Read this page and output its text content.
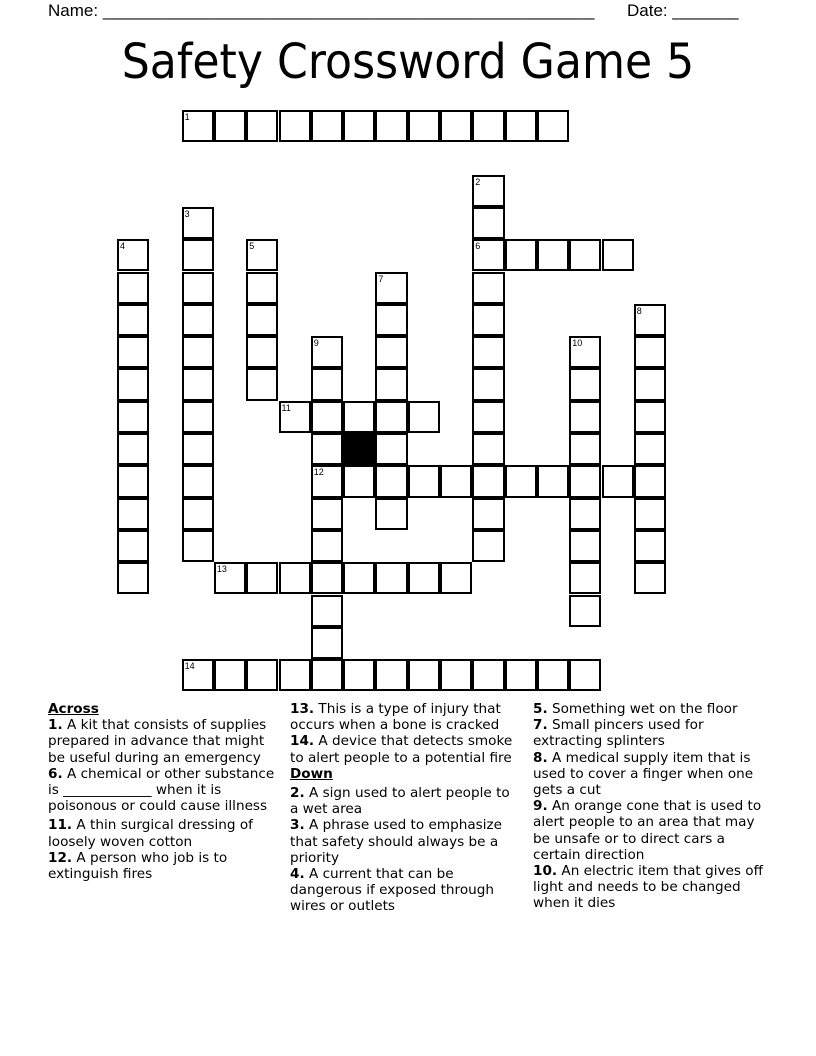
Name: ____________________________________________________ Date: _______
Safety Crossword Game 5
1
6
11
12
13
14
2
3
4	5
7
8
9	10
Across
1. A kit that consists of supplies prepared in advance that might be useful during an emergency
6. A chemical or other substance is _____________ when it is poisonous or could cause illness
11. A thin surgical dressing of loosely woven cotton
12. A person who job is to extinguish fires
13. This is a type of injury that occurs when a bone is cracked
14. A device that detects smoke to alert people to a potential fire
Down
2. A sign used to alert people to a wet area
3. A phrase used to emphasize that safety should always be a priority
4. A current that can be dangerous if exposed through wires or outlets
5. Something wet on the floor
7. Small pincers used for extracting splinters
8. A medical supply item that is used to cover a finger when one gets a cut
9. An orange cone that is used to alert people to an area that may be unsafe or to direct cars a certain direction
10. An electric item that gives off light and needs to be changed when it dies
